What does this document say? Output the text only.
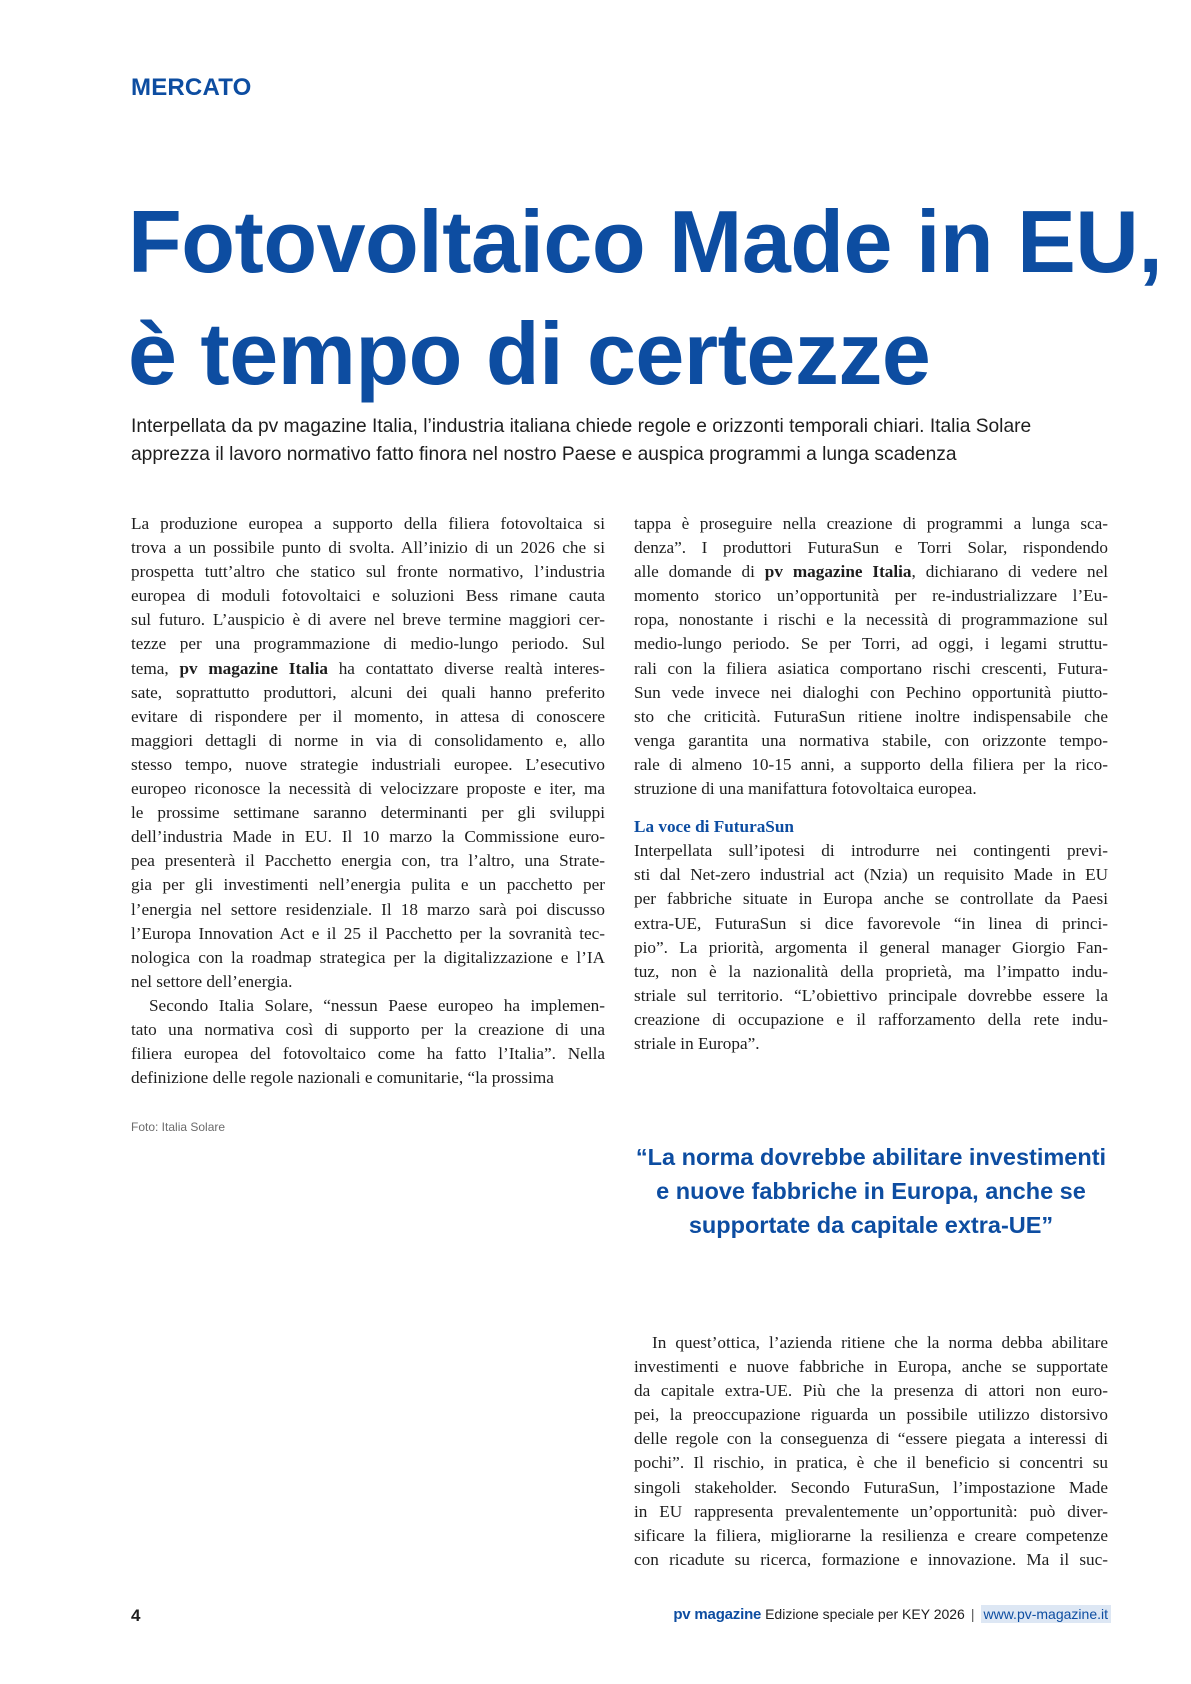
MERCATO
Fotovoltaico Made in EU,
è tempo di certezze
Interpellata da pv magazine Italia, l’industria italiana chiede regole e orizzonti temporali chiari. Italia Solare
apprezza il lavoro normativo fatto finora nel nostro Paese e auspica programmi a lunga scadenza
La produzione europea a supporto della filiera fotovoltaica si
trova a un possibile punto di svolta. All’inizio di un 2026 che si
prospetta tutt’altro che statico sul fronte normativo, l’industria
europea di moduli fotovoltaici e soluzioni Bess rimane cauta
sul futuro. L’auspicio è di avere nel breve termine maggiori cer-
tezze per una programmazione di medio-lungo periodo. Sul
tema, pv magazine Italia ha contattato diverse realtà interes-
sate, soprattutto produttori, alcuni dei quali hanno preferito
evitare di rispondere per il momento, in attesa di conoscere
maggiori dettagli di norme in via di consolidamento e, allo
stesso tempo, nuove strategie industriali europee. L’esecutivo
europeo riconosce la necessità di velocizzare proposte e iter, ma
le prossime settimane saranno determinanti per gli sviluppi
dell’industria Made in EU. Il 10 marzo la Commissione euro-
pea presenterà il Pacchetto energia con, tra l’altro, una Strate-
gia per gli investimenti nell’energia pulita e un pacchetto per
l’energia nel settore residenziale. Il 18 marzo sarà poi discusso
l’Europa Innovation Act e il 25 il Pacchetto per la sovranità tec-
nologica con la roadmap strategica per la digitalizzazione e l’IA
nel settore dell’energia.
Secondo Italia Solare, “nessun Paese europeo ha implemen-
tato una normativa così di supporto per la creazione di una
filiera europea del fotovoltaico come ha fatto l’Italia”. Nella
definizione delle regole nazionali e comunitarie, “la prossima
tappa è proseguire nella creazione di programmi a lunga sca-
denza”. I produttori FuturaSun e Torri Solar, rispondendo
alle domande di pv magazine Italia, dichiarano di vedere nel
momento storico un’opportunità per re-industrializzare l’Eu-
ropa, nonostante i rischi e la necessità di programmazione sul
medio-lungo periodo. Se per Torri, ad oggi, i legami struttu-
rali con la filiera asiatica comportano rischi crescenti, Futura-
Sun vede invece nei dialoghi con Pechino opportunità piutto-
sto che criticità. FuturaSun ritiene inoltre indispensabile che
venga garantita una normativa stabile, con orizzonte tempo-
rale di almeno 10-15 anni, a supporto della filiera per la rico-
struzione di una manifattura fotovoltaica europea.
La voce di FuturaSun
Interpellata sull’ipotesi di introdurre nei contingenti previ-
sti dal Net-zero industrial act (Nzia) un requisito Made in EU
per fabbriche situate in Europa anche se controllate da Paesi
extra-UE, FuturaSun si dice favorevole “in linea di princi-
pio”. La priorità, argomenta il general manager Giorgio Fan-
tuz, non è la nazionalità della proprietà, ma l’impatto indu-
striale sul territorio. “L’obiettivo principale dovrebbe essere la
creazione di occupazione e il rafforzamento della rete indu-
striale in Europa”.
Foto: Italia Solare
“La norma dovrebbe abilitare investimenti
e nuove fabbriche in Europa, anche se
supportate da capitale extra-UE”
In quest’ottica, l’azienda ritiene che la norma debba abilitare
investimenti e nuove fabbriche in Europa, anche se supportate
da capitale extra-UE. Più che la presenza di attori non euro-
pei, la preoccupazione riguarda un possibile utilizzo distorsivo
delle regole con la conseguenza di “essere piegata a interessi di
pochi”. Il rischio, in pratica, è che il beneficio si concentri su
singoli stakeholder. Secondo FuturaSun, l’impostazione Made
in EU rappresenta prevalentemente un’opportunità: può diver-
sificare la filiera, migliorarne la resilienza e creare competenze
con ricadute su ricerca, formazione e innovazione. Ma il suc-
4	pv magazine Edizione speciale per KEY 2026 | www.pv-magazine.it
